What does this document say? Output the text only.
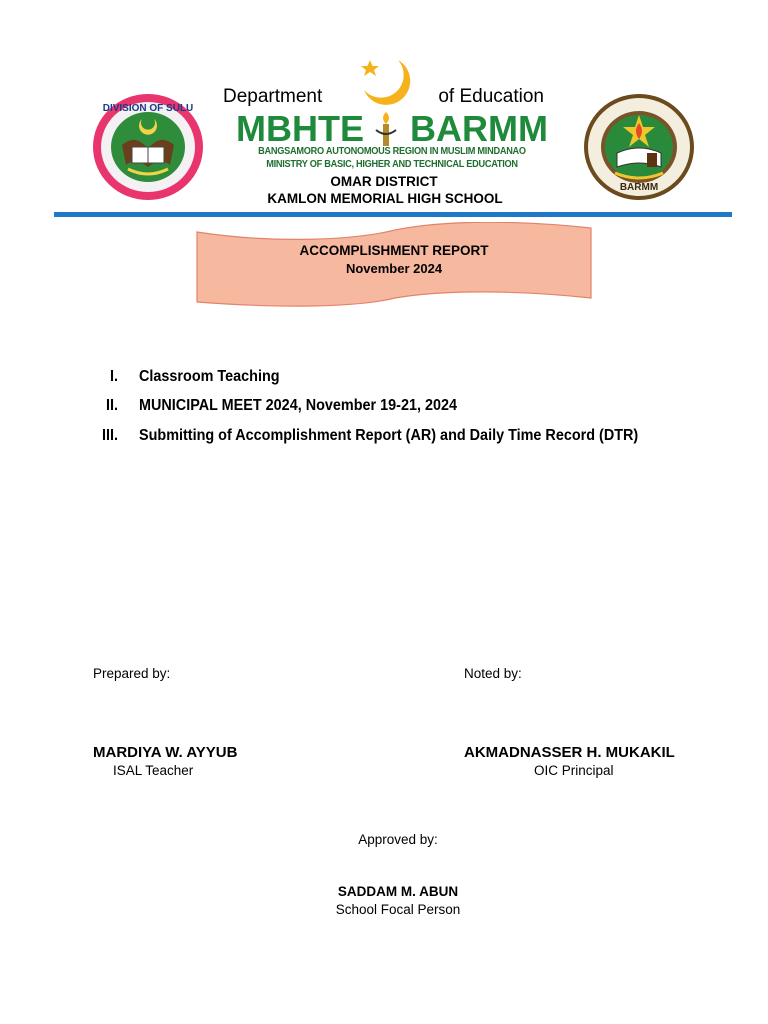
DIVISION OF SULU
BARMM
Department	of Education
MBHTE BARMM
BANGSAMORO AUTONOMOUS REGION IN MUSLIM MINDANAO
MINISTRY OF BASIC, HIGHER AND TECHNICAL EDUCATION
OMAR DISTRICT
KAMLON MEMORIAL HIGH SCHOOL
ACCOMPLISHMENT REPORT
November 2024
I. Classroom Teaching
II. MUNICIPAL MEET 2024, November 19-21, 2024
III. Submitting of Accomplishment Report (AR) and Daily Time Record (DTR)
Prepared by:	Noted by:
MARDIYA W. AYYUB
ISAL Teacher
AKMADNASSER H. MUKAKIL
OIC Principal
Approved by:
SADDAM M. ABUN
School Focal Person
